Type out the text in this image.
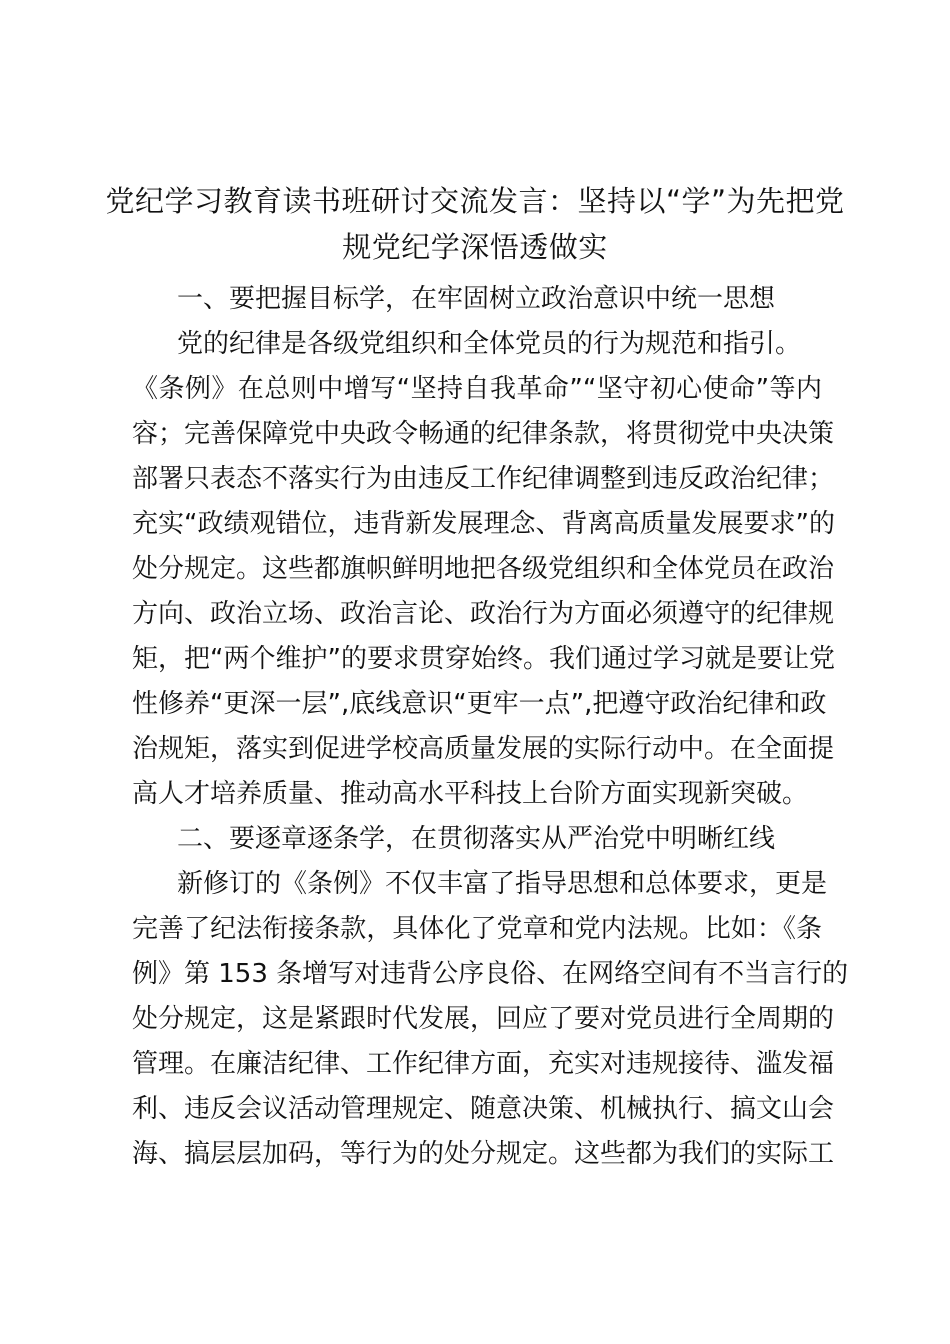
党纪学习教育读书班研讨交流发言：坚持以“学”为先把党规党纪学深悟透做实

一、要把握目标学，在牢固树立政治意识中统一思想

党的纪律是各级党组织和全体党员的行为规范和指引。

《条例》在总则中增写“坚持自我革命”“坚守初心使命”等内

容；完善保障党中央政令畅通的纪律条款，将贯彻党中央决策

部署只表态不落实行为由违反工作纪律调整到违反政治纪律；

充实“政绩观错位，违背新发展理念、背离高质量发展要求”的

处分规定。这些都旗帜鲜明地把各级党组织和全体党员在政治

方向、政治立场、政治言论、政治行为方面必须遵守的纪律规

矩，把“两个维护”的要求贯穿始终。我们通过学习就是要让党

性修养“更深一层”,底线意识“更牢一点”,把遵守政治纪律和政

治规矩，落实到促进学校高质量发展的实际行动中。在全面提

高人才培养质量、推动高水平科技上台阶方面实现新突破。

二、要逐章逐条学，在贯彻落实从严治党中明晰红线

新修订的《条例》不仅丰富了指导思想和总体要求，更是

完善了纪法衔接条款，具体化了党章和党内法规。比如：《条

例》第 153 条增写对违背公序良俗、在网络空间有不当言行的

处分规定，这是紧跟时代发展，回应了要对党员进行全周期的

管理。在廉洁纪律、工作纪律方面，充实对违规接待、滥发福

利、违反会议活动管理规定、随意决策、机械执行、搞文山会

海、搞层层加码，等行为的处分规定。这些都为我们的实际工
